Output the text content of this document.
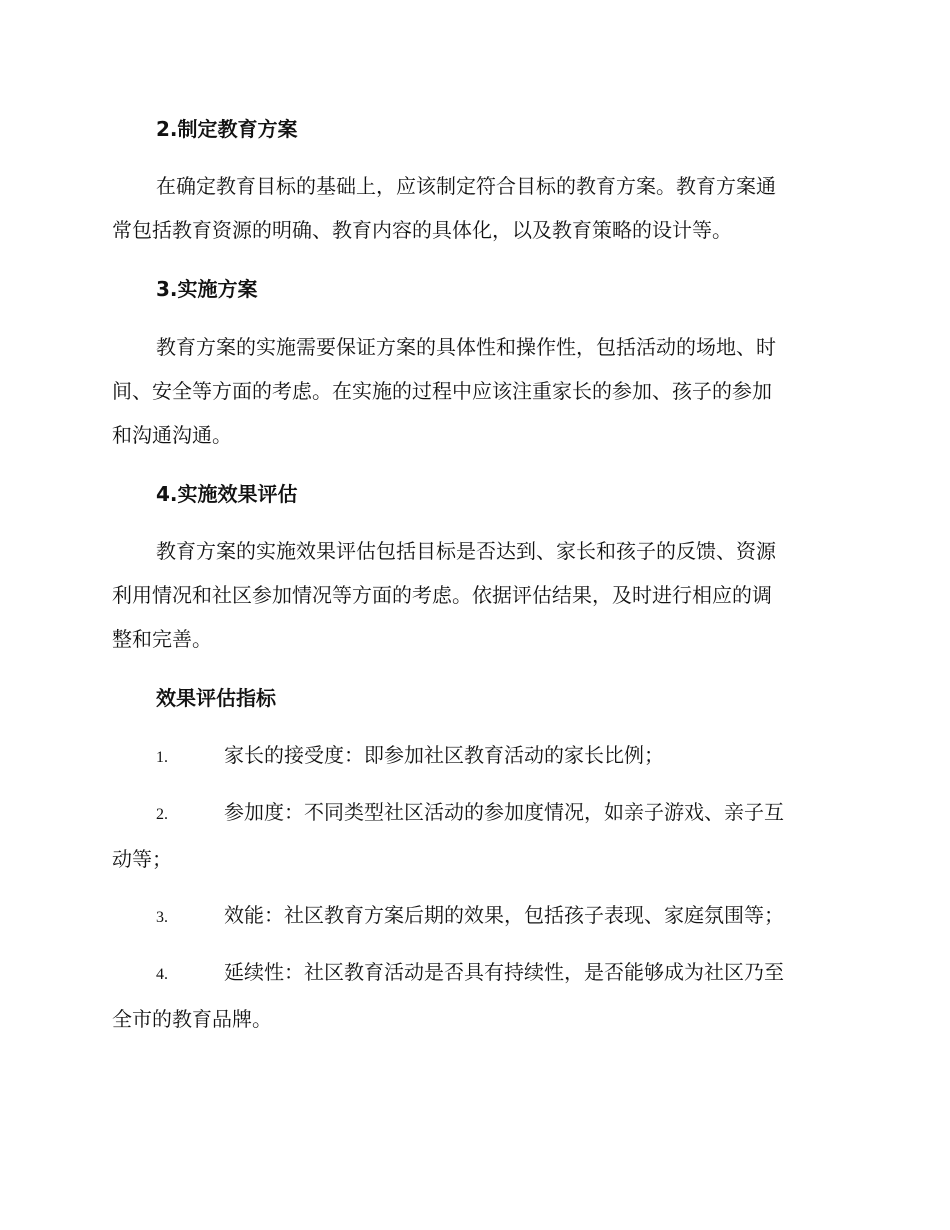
2.制定教育方案

在确定教育目标的基础上，应该制定符合目标的教育方案。教育方案通
常包括教育资源的明确、教育内容的具体化，以及教育策略的设计等。

3.实施方案

教育方案的实施需要保证方案的具体性和操作性，包括活动的场地、时
间、安全等方面的考虑。在实施的过程中应该注重家长的参加、孩子的参加
和沟通沟通。

4.实施效果评估

教育方案的实施效果评估包括目标是否达到、家长和孩子的反馈、资源
利用情况和社区参加情况等方面的考虑。依据评估结果，及时进行相应的调
整和完善。

效果评估指标
1.	家长的接受度：即参加社区教育活动的家长比例；
2.	参加度：不同类型社区活动的参加度情况，如亲子游戏、亲子互
动等；
3.	效能：社区教育方案后期的效果，包括孩子表现、家庭氛围等；
4.	延续性：社区教育活动是否具有持续性，是否能够成为社区乃至
全市的教育品牌。
